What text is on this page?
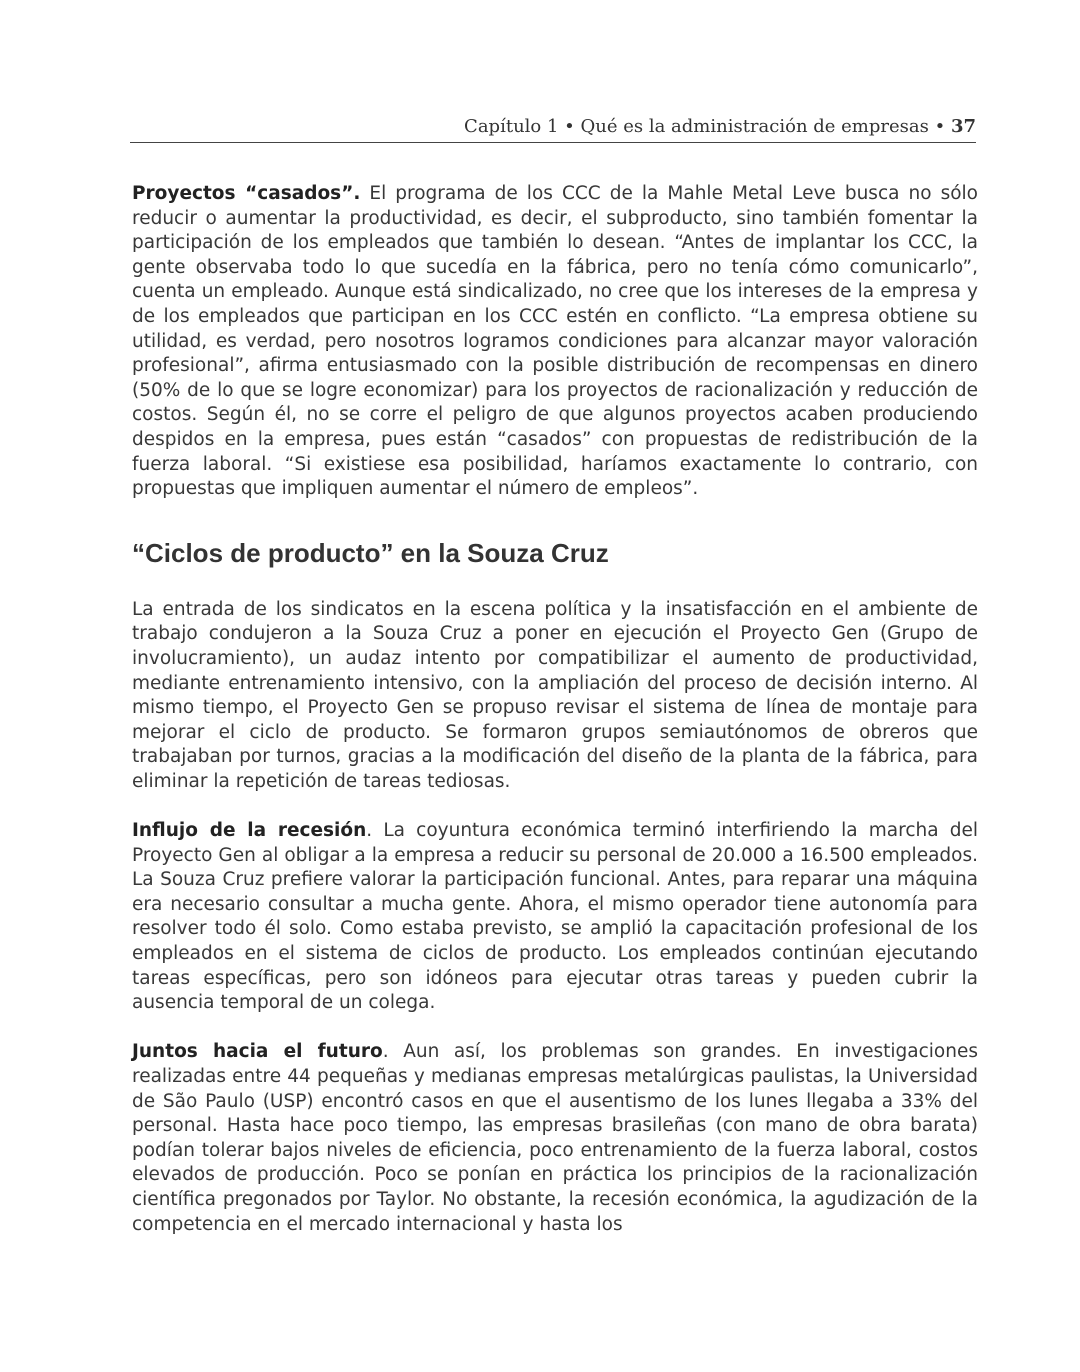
Capítulo 1 • Qué es la administración de empresas • 37

Proyectos “casados”. El programa de los CCC de la Mahle Metal Leve busca no sólo reducir o aumentar la productividad, es decir, el subproducto, sino también fomentar la participación de los empleados que también lo desean. “Antes de implantar los CCC, la gente observaba todo lo que sucedía en la fábrica, pero no tenía cómo comunicarlo”, cuenta un empleado. Aunque está sindicalizado, no cree que los intereses de la empresa y de los empleados que participan en los CCC estén en conflicto. “La empresa obtiene su utilidad, es verdad, pero nosotros logramos condiciones para alcanzar mayor valoración profesional”, afirma entusiasmado con la posible distribución de recompensas en dinero (50% de lo que se logre economizar) para los proyectos de racionalización y reducción de costos. Según él, no se corre el peligro de que algunos proyectos acaben produciendo despidos en la empresa, pues están “casados” con propuestas de redistribución de la fuerza laboral. “Si existiese esa posibilidad, haríamos exactamente lo contrario, con propuestas que impliquen aumentar el número de empleos”.

“Ciclos de producto” en la Souza Cruz

La entrada de los sindicatos en la escena política y la insatisfacción en el ambiente de trabajo condujeron a la Souza Cruz a poner en ejecución el Proyecto Gen (Grupo de involucramiento), un audaz intento por compatibilizar el aumento de productividad, mediante entrenamiento intensivo, con la ampliación del proceso de decisión interno. Al mismo tiempo, el Proyecto Gen se propuso revisar el sistema de línea de montaje para mejorar el ciclo de producto. Se formaron grupos semiautónomos de obreros que trabajaban por turnos, gracias a la modificación del diseño de la planta de la fábrica, para eliminar la repetición de tareas tediosas.

Influjo de la recesión. La coyuntura económica terminó interfiriendo la marcha del Proyecto Gen al obligar a la empresa a reducir su personal de 20.000 a 16.500 empleados. La Souza Cruz prefiere valorar la participación funcional. Antes, para reparar una máquina era necesario consultar a mucha gente. Ahora, el mismo operador tiene autonomía para resolver todo él solo. Como estaba previsto, se amplió la capacitación profesional de los empleados en el sistema de ciclos de producto. Los empleados continúan ejecutando tareas específicas, pero son idóneos para ejecutar otras tareas y pueden cubrir la ausencia temporal de un colega.

Juntos hacia el futuro. Aun así, los problemas son grandes. En investigaciones realizadas entre 44 pequeñas y medianas empresas metalúrgicas paulistas, la Universidad de São Paulo (USP) encontró casos en que el ausentismo de los lunes llegaba a 33% del personal. Hasta hace poco tiempo, las empresas brasileñas (con mano de obra barata) podían tolerar bajos niveles de eficiencia, poco entrenamiento de la fuerza laboral, costos elevados de producción. Poco se ponían en práctica los principios de la racionalización científica pregonados por Taylor. No obstante, la recesión económica, la agudización de la competencia en el mercado internacional y hasta los
